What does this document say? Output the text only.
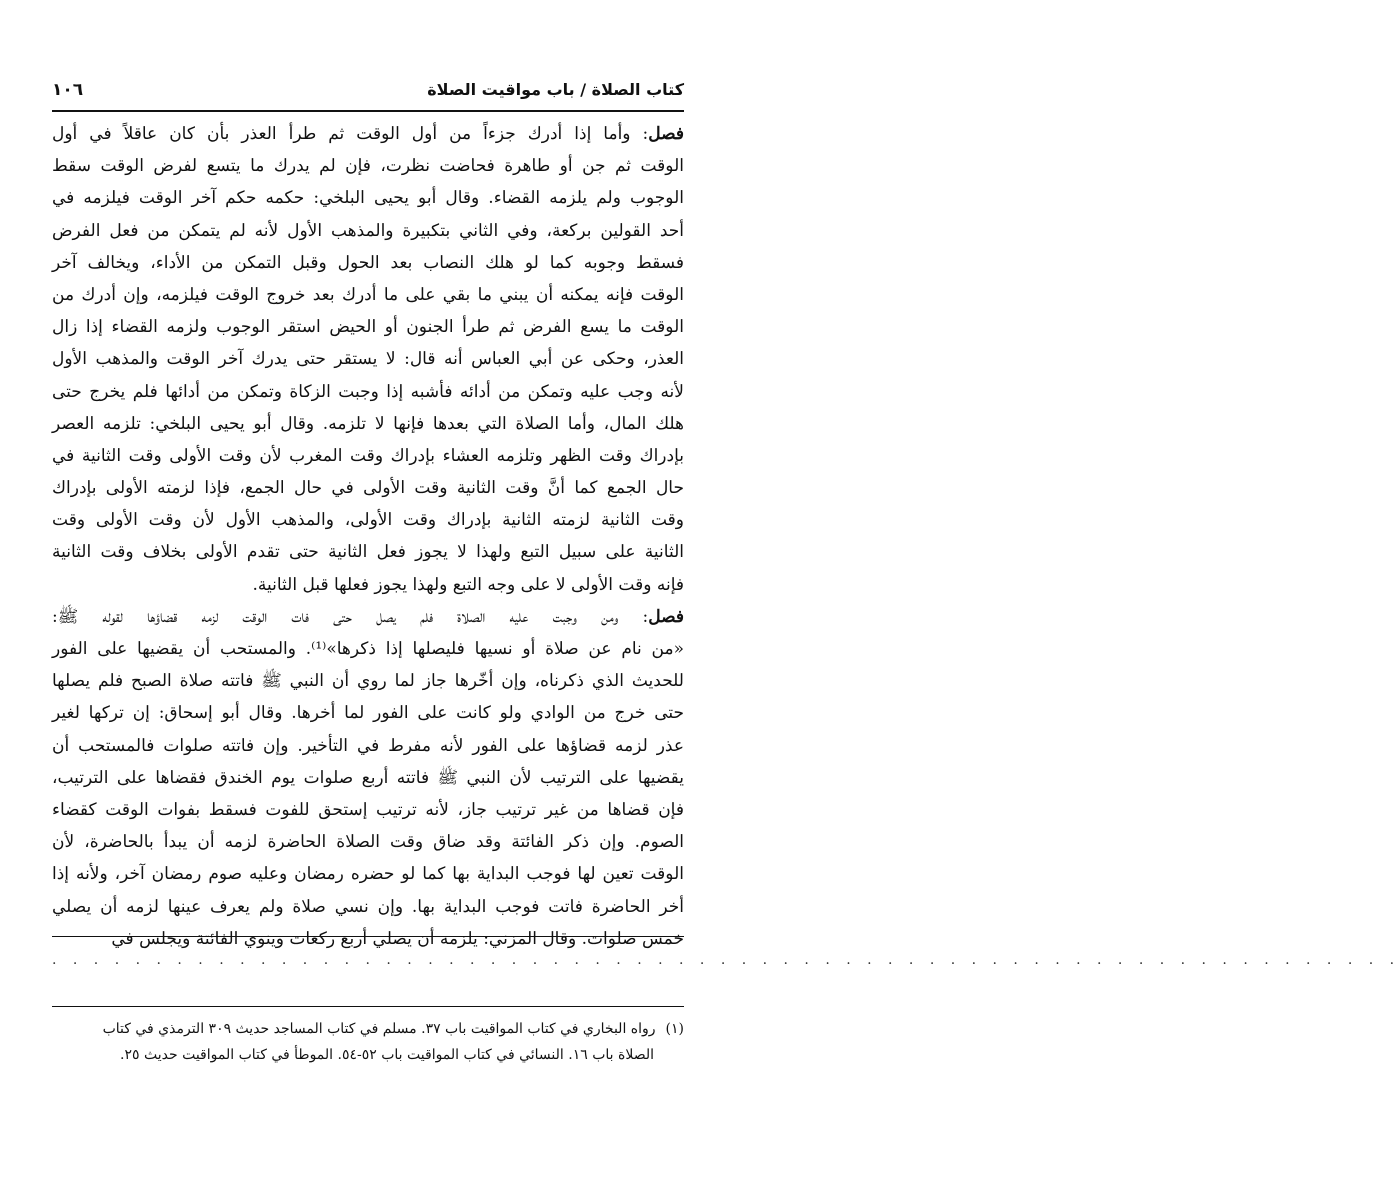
كتاب الصلاة / باب مواقيت الصلاة
١٠٦
فصل: وأما إذا أدرك جزءاً من أول الوقت ثم طرأ العذر بأن كان عاقلاً في أول
الوقت ثم جن أو طاهرة فحاضت نظرت، فإن لم يدرك ما يتسع لفرض الوقت سقط
الوجوب ولم يلزمه القضاء. وقال أبو يحيى البلخي: حكمه حكم آخر الوقت فيلزمه في
أحد القولين بركعة، وفي الثاني بتكبيرة والمذهب الأول لأنه لم يتمكن من فعل الفرض
فسقط وجوبه كما لو هلك النصاب بعد الحول وقبل التمكن من الأداء، ويخالف آخر
الوقت فإنه يمكنه أن يبني ما بقي على ما أدرك بعد خروج الوقت فيلزمه، وإن أدرك من
الوقت ما يسع الفرض ثم طرأ الجنون أو الحيض استقر الوجوب ولزمه القضاء إذا زال
العذر، وحكى عن أبي العباس أنه قال: لا يستقر حتى يدرك آخر الوقت والمذهب الأول
لأنه وجب عليه وتمكن من أدائه فأشبه إذا وجبت الزكاة وتمكن من أدائها فلم يخرج حتى
هلك المال، وأما الصلاة التي بعدها فإنها لا تلزمه. وقال أبو يحيى البلخي: تلزمه العصر
بإدراك وقت الظهر وتلزمه العشاء بإدراك وقت المغرب لأن وقت الأولى وقت الثانية في
حال الجمع كما أنَّ وقت الثانية وقت الأولى في حال الجمع، فإذا لزمته الأولى بإدراك
وقت الثانية لزمته الثانية بإدراك وقت الأولى، والمذهب الأول لأن وقت الأولى وقت
الثانية على سبيل التبع ولهذا لا يجوز فعل الثانية حتى تقدم الأولى بخلاف وقت الثانية
فإنه وقت الأولى لا على وجه التبع ولهذا يجوز فعلها قبل الثانية.
فصل: ومن وجبت عليه الصلاة فلم يصل حتى فات الوقت لزمه قضاؤها لقوله ﷺ:
«من نام عن صلاة أو نسيها فليصلها إذا ذكرها»⁽¹⁾. والمستحب أن يقضيها على الفور
للحديث الذي ذكرناه، وإن أخّرها جاز لما روي أن النبي ﷺ فاتته صلاة الصبح فلم يصلها
حتى خرج من الوادي ولو كانت على الفور لما أخرها. وقال أبو إسحاق: إن تركها لغير
عذر لزمه قضاؤها على الفور لأنه مفرط في التأخير. وإن فاتته صلوات فالمستحب أن
يقضيها على الترتيب لأن النبي ﷺ فاتته أربع صلوات يوم الخندق فقضاها على الترتيب،
فإن قضاها من غير ترتيب جاز، لأنه ترتيب إستحق للفوت فسقط بفوات الوقت كقضاء
الصوم. وإن ذكر الفائتة وقد ضاق وقت الصلاة الحاضرة لزمه أن يبدأ بالحاضرة، لأن
الوقت تعين لها فوجب البداية بها كما لو حضره رمضان وعليه صوم رمضان آخر، ولأنه إذا
أخر الحاضرة فاتت فوجب البداية بها. وإن نسي صلاة ولم يعرف عينها لزمه أن يصلي
خمس صلوات. وقال المزني: يلزمه أن يصلي أربع ركعات وينوي الفائتة ويجلس في
. . . . . . . . . . . . . . . . . . . . . . . . . . . . . . . . . . . . . . . . . . . . . . . . . . . . . . . . . . . . . . . . .
(١)رواه البخاري في كتاب المواقيت باب ٣٧. مسلم في كتاب المساجد حديث ٣٠٩ الترمذي في كتاب
الصلاة باب ١٦. النسائي في كتاب المواقيت باب ٥٢-٥٤. الموطأ في كتاب المواقيت حديث ٢٥.
